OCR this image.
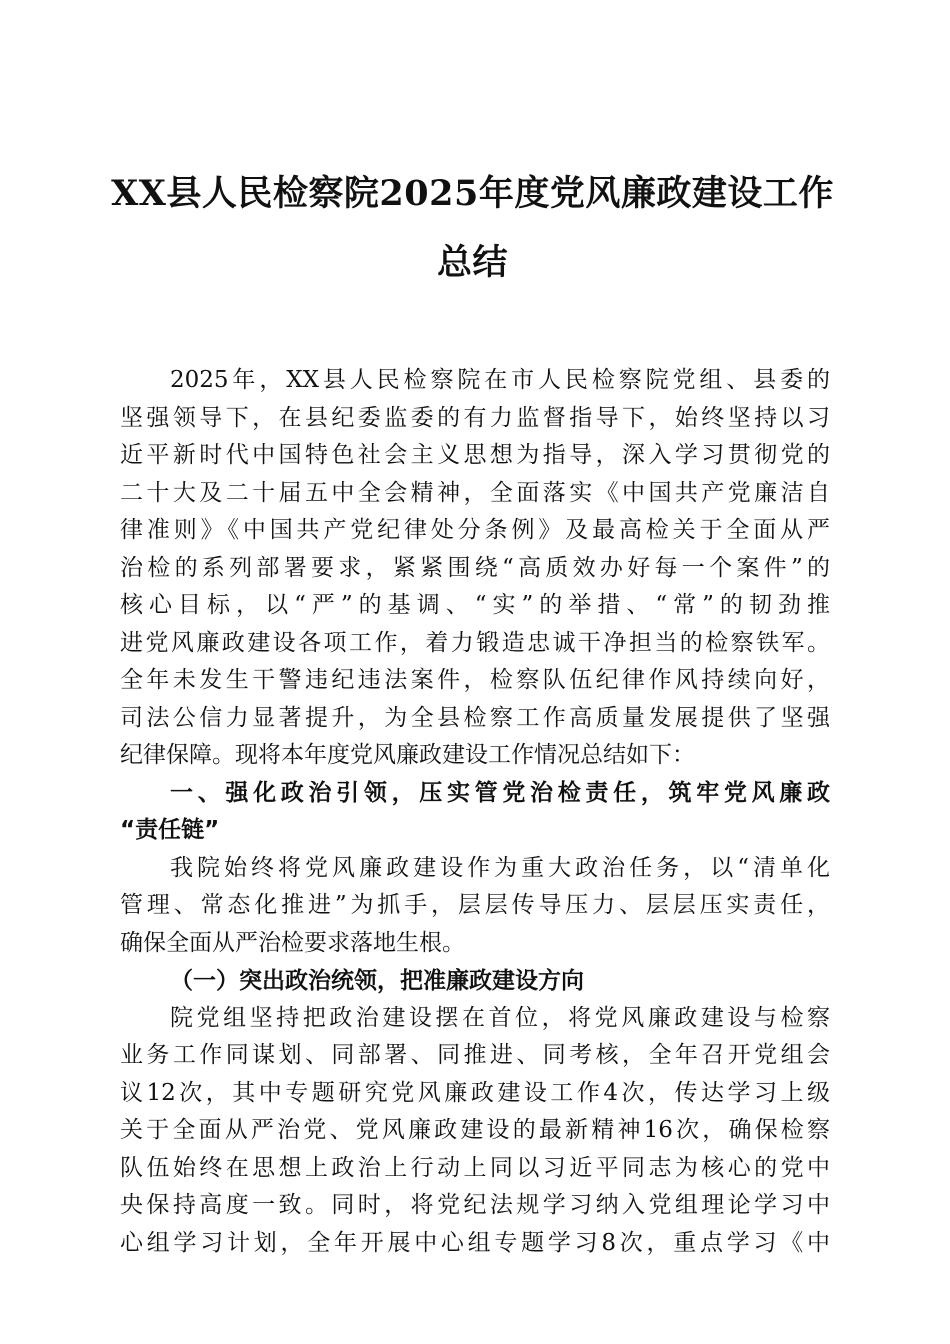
XX县人民检察院2025年度党风廉政建设工作
总结
2025年，XX县人民检察院在市人民检察院党组、县委的
坚强领导下，在县纪委监委的有力监督指导下，始终坚持以习
近平新时代中国特色社会主义思想为指导，深入学习贯彻党的
二十大及二十届五中全会精神，全面落实《中国共产党廉洁自
律准则》《中国共产党纪律处分条例》及最高检关于全面从严
治检的系列部署要求，紧紧围绕“高质效办好每一个案件”的
核心目标，以“严”的基调、“实”的举措、“常”的韧劲推
进党风廉政建设各项工作，着力锻造忠诚干净担当的检察铁军。
全年未发生干警违纪违法案件，检察队伍纪律作风持续向好，
司法公信力显著提升，为全县检察工作高质量发展提供了坚强
纪律保障。现将本年度党风廉政建设工作情况总结如下：
一、强化政治引领，压实管党治检责任，筑牢党风廉政
“责任链”
我院始终将党风廉政建设作为重大政治任务，以“清单化
管理、常态化推进”为抓手，层层传导压力、层层压实责任，
确保全面从严治检要求落地生根。
（一）突出政治统领，把准廉政建设方向
院党组坚持把政治建设摆在首位，将党风廉政建设与检察
业务工作同谋划、同部署、同推进、同考核，全年召开党组会
议12次，其中专题研究党风廉政建设工作4次，传达学习上级
关于全面从严治党、党风廉政建设的最新精神16次，确保检察
队伍始终在思想上政治上行动上同以习近平同志为核心的党中
央保持高度一致。同时，将党纪法规学习纳入党组理论学习中
心组学习计划，全年开展中心组专题学习8次，重点学习《中
